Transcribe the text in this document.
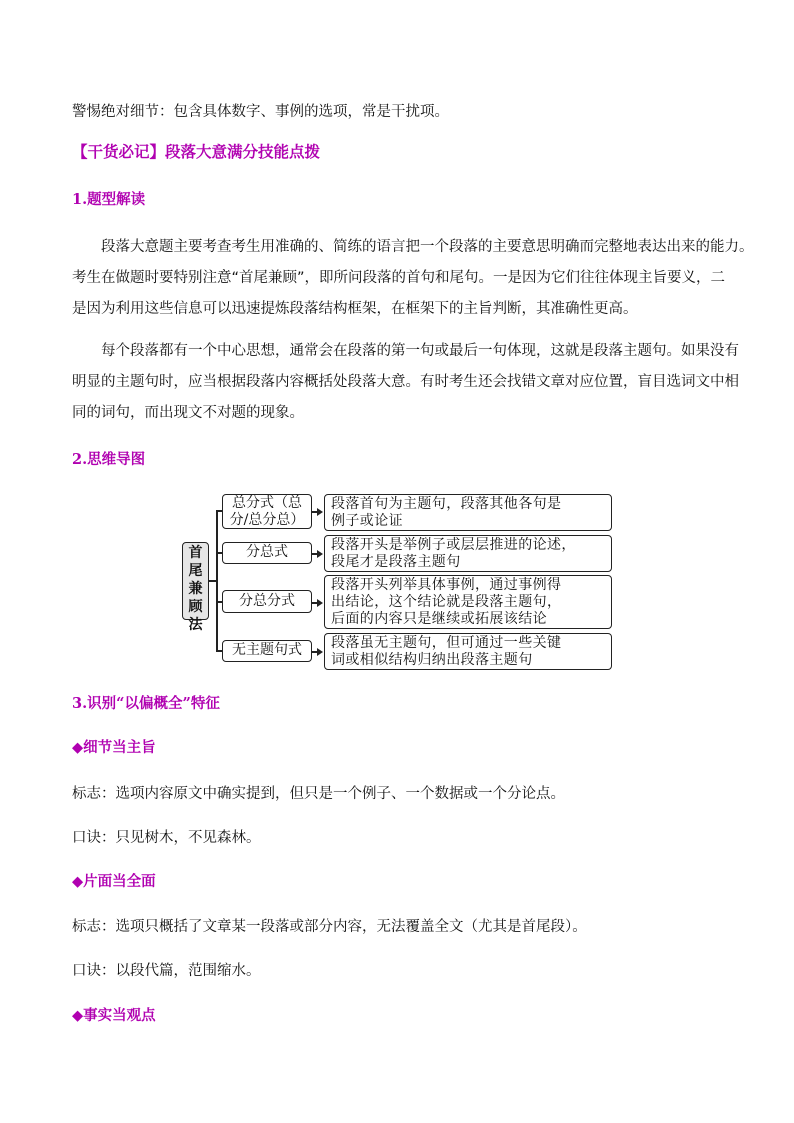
警惕绝对细节：包含具体数字、事例的选项，常是干扰项。
【干货必记】段落大意满分技能点拨
1.题型解读
段落大意题主要考查考生用准确的、简练的语言把一个段落的主要意思明确而完整地表达出来的能力。
考生在做题时要特别注意“首尾兼顾”，即所问段落的首句和尾句。一是因为它们往往体现主旨要义，二
是因为利用这些信息可以迅速提炼段落结构框架，在框架下的主旨判断，其准确性更高。
每个段落都有一个中心思想，通常会在段落的第一句或最后一句体现，这就是段落主题句。如果没有
明显的主题句时，应当根据段落内容概括处段落大意。有时考生还会找错文章对应位置，盲目选词文中相
同的词句，而出现文不对题的现象。
2.思维导图
首
尾
兼
顾
法
总分式（总
分/总分总）
段落首句为主题句，段落其他各句是
例子或论证
分总式	段落开头是举例子或层层推进的论述，
段尾才是段落主题句
分总分式
段落开头列举具体事例，通过事例得
出结论，这个结论就是段落主题句，
后面的内容只是继续或拓展该结论
无主题句式	段落虽无主题句，但可通过一些关键
词或相似结构归纳出段落主题句
3.识别“以偏概全”特征
◆细节当主旨
标志：选项内容原文中确实提到，但只是一个例子、一个数据或一个分论点。
口诀：只见树木，不见森林。
◆片面当全面
标志：选项只概括了文章某一段落或部分内容，无法覆盖全文（尤其是首尾段）。
口诀：以段代篇，范围缩水。
◆事实当观点
